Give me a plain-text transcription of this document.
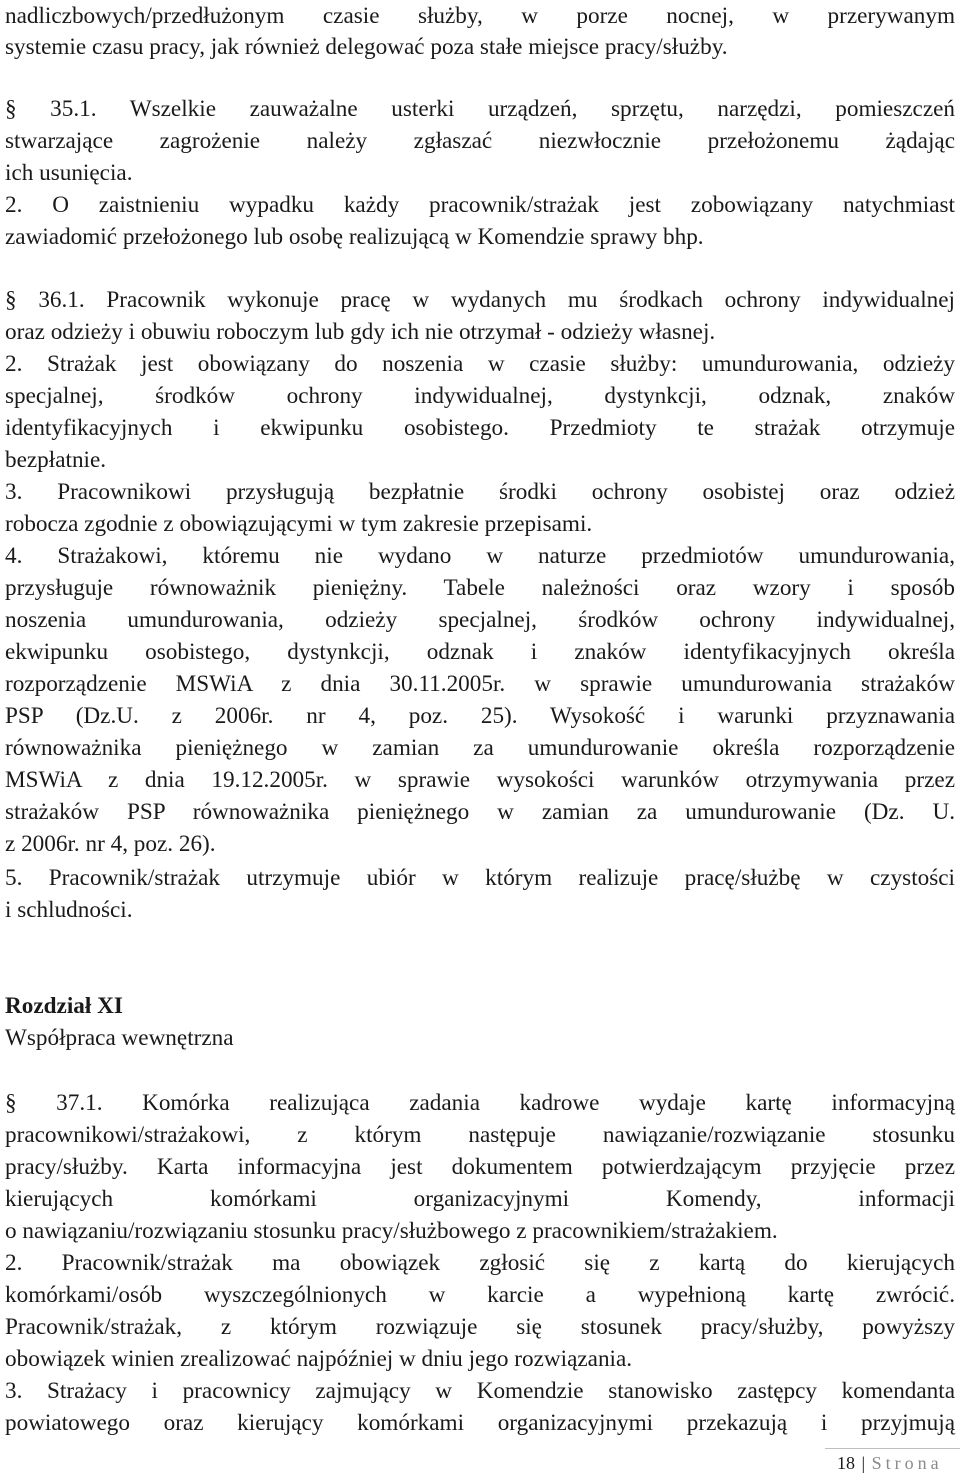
nadliczbowych/przedłużonym czasie służby, w porze nocnej, w przerywanym
systemie czasu pracy, jak również delegować poza stałe miejsce pracy/służby.
§ 35.1. Wszelkie zauważalne usterki urządzeń, sprzętu, narzędzi, pomieszczeń
stwarzające zagrożenie należy zgłaszać niezwłocznie przełożonemu żądając
ich usunięcia.
2. O zaistnieniu wypadku każdy pracownik/strażak jest zobowiązany natychmiast
zawiadomić przełożonego lub osobę realizującą w Komendzie sprawy bhp.
§ 36.1. Pracownik wykonuje pracę w wydanych mu środkach ochrony indywidualnej
oraz odzieży i obuwiu roboczym lub gdy ich nie otrzymał - odzieży własnej.
2. Strażak jest obowiązany do noszenia w czasie służby: umundurowania, odzieży
specjalnej, środków ochrony indywidualnej, dystynkcji, odznak, znaków
identyfikacyjnych i ekwipunku osobistego. Przedmioty te strażak otrzymuje
bezpłatnie.
3. Pracownikowi przysługują bezpłatnie środki ochrony osobistej oraz odzież
robocza zgodnie z obowiązującymi w tym zakresie przepisami.
4. Strażakowi, któremu nie wydano w naturze przedmiotów umundurowania,
przysługuje równoważnik pieniężny. Tabele należności oraz wzory i sposób
noszenia umundurowania, odzieży specjalnej, środków ochrony indywidualnej,
ekwipunku osobistego, dystynkcji, odznak i znaków identyfikacyjnych określa
rozporządzenie MSWiA z dnia 30.11.2005r. w sprawie umundurowania strażaków
PSP (Dz.U. z 2006r. nr 4, poz. 25). Wysokość i warunki przyznawania
równoważnika pieniężnego w zamian za umundurowanie określa rozporządzenie
MSWiA z dnia 19.12.2005r. w sprawie wysokości warunków otrzymywania przez
strażaków PSP równoważnika pieniężnego w zamian za umundurowanie (Dz. U.
z 2006r. nr 4, poz. 26).
5. Pracownik/strażak utrzymuje ubiór w którym realizuje pracę/służbę w czystości
i schludności.
Rozdział XI
Współpraca wewnętrzna
§ 37.1. Komórka realizująca zadania kadrowe wydaje kartę informacyjną
pracownikowi/strażakowi, z którym następuje nawiązanie/rozwiązanie stosunku
pracy/służby. Karta informacyjna jest dokumentem potwierdzającym przyjęcie przez
kierujących komórkami organizacyjnymi Komendy, informacji
o nawiązaniu/rozwiązaniu stosunku pracy/służbowego z pracownikiem/strażakiem.
2. Pracownik/strażak ma obowiązek zgłosić się z kartą do kierujących
komórkami/osób wyszczególnionych w karcie a wypełnioną kartę zwrócić.
Pracownik/strażak, z którym rozwiązuje się stosunek pracy/służby, powyższy
obowiązek winien zrealizować najpóźniej w dniu jego rozwiązania.
3. Strażacy i pracownicy zajmujący w Komendzie stanowisko zastępcy komendanta
powiatowego oraz kierujący komórkami organizacyjnymi przekazują i przyjmują
18 | Strona
